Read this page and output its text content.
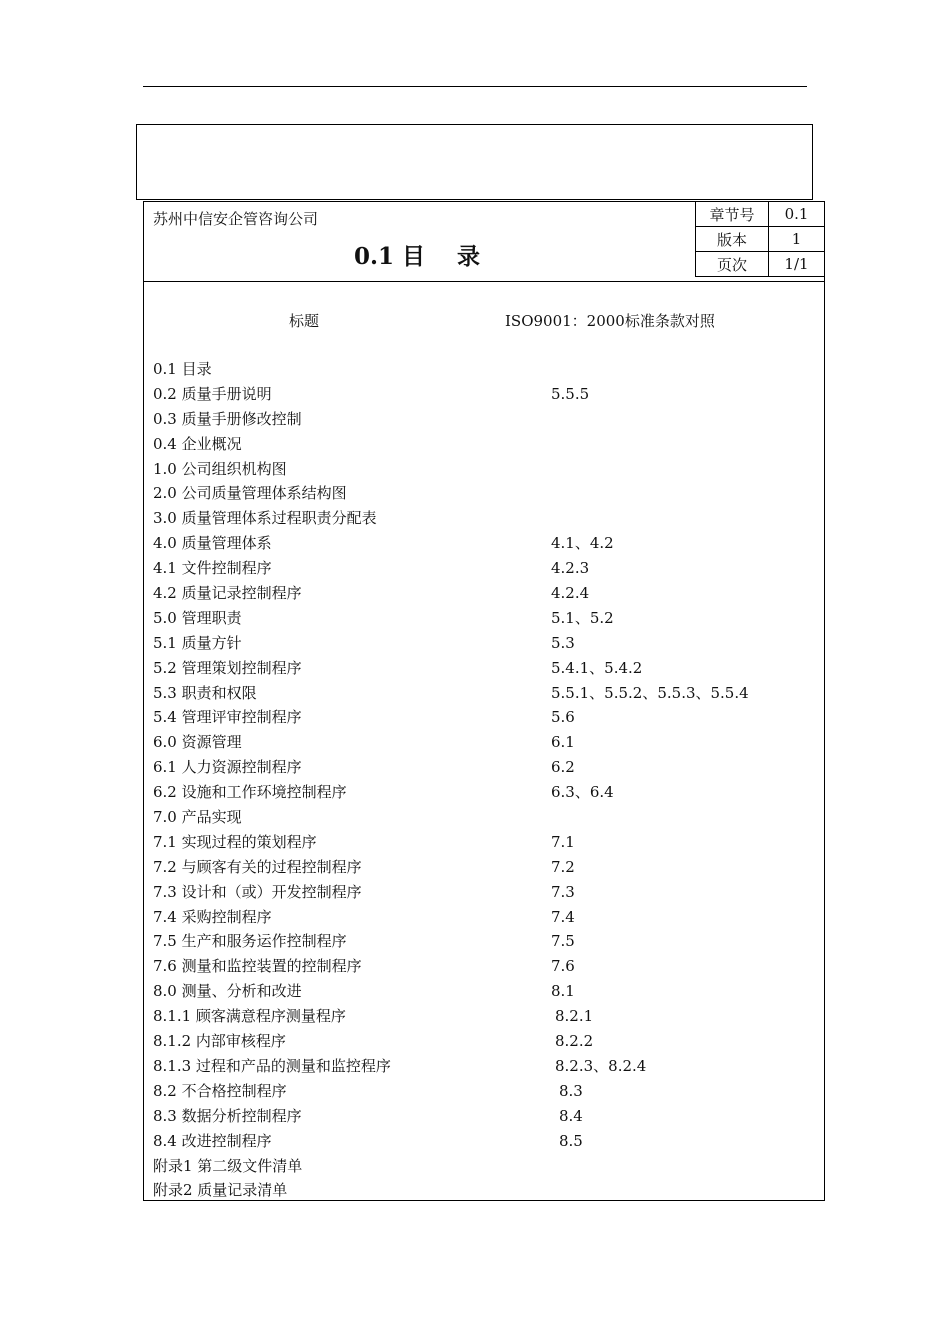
苏州中信安企管咨询公司
0.1 目    录
章节号	0.1
版本	1
页次	1/1
标题	ISO9001：2000标准条款对照
0.1 目录
0.2 质量手册说明	5.5.5
0.3 质量手册修改控制
0.4 企业概况
1.0 公司组织机构图
2.0 公司质量管理体系结构图
3.0 质量管理体系过程职责分配表
4.0 质量管理体系	4.1、4.2
4.1 文件控制程序	4.2.3
4.2 质量记录控制程序	4.2.4
5.0 管理职责	5.1、5.2
5.1 质量方针	5.3
5.2 管理策划控制程序	5.4.1、5.4.2
5.3 职责和权限	5.5.1、5.5.2、5.5.3、5.5.4
5.4 管理评审控制程序	5.6
6.0 资源管理	6.1
6.1 人力资源控制程序	6.2
6.2 设施和工作环境控制程序	6.3、6.4
7.0 产品实现
7.1 实现过程的策划程序	7.1
7.2 与顾客有关的过程控制程序	7.2
7.3 设计和（或）开发控制程序	7.3
7.4 采购控制程序	7.4
7.5 生产和服务运作控制程序	7.5
7.6 测量和监控装置的控制程序	7.6
8.0 测量、分析和改进	8.1
8.1.1 顾客满意程序测量程序	8.2.1
8.1.2 内部审核程序	8.2.2
8.1.3 过程和产品的测量和监控程序	8.2.3、8.2.4
8.2 不合格控制程序	8.3
8.3 数据分析控制程序	8.4
8.4 改进控制程序	8.5
附录1 第二级文件清单
附录2 质量记录清单
